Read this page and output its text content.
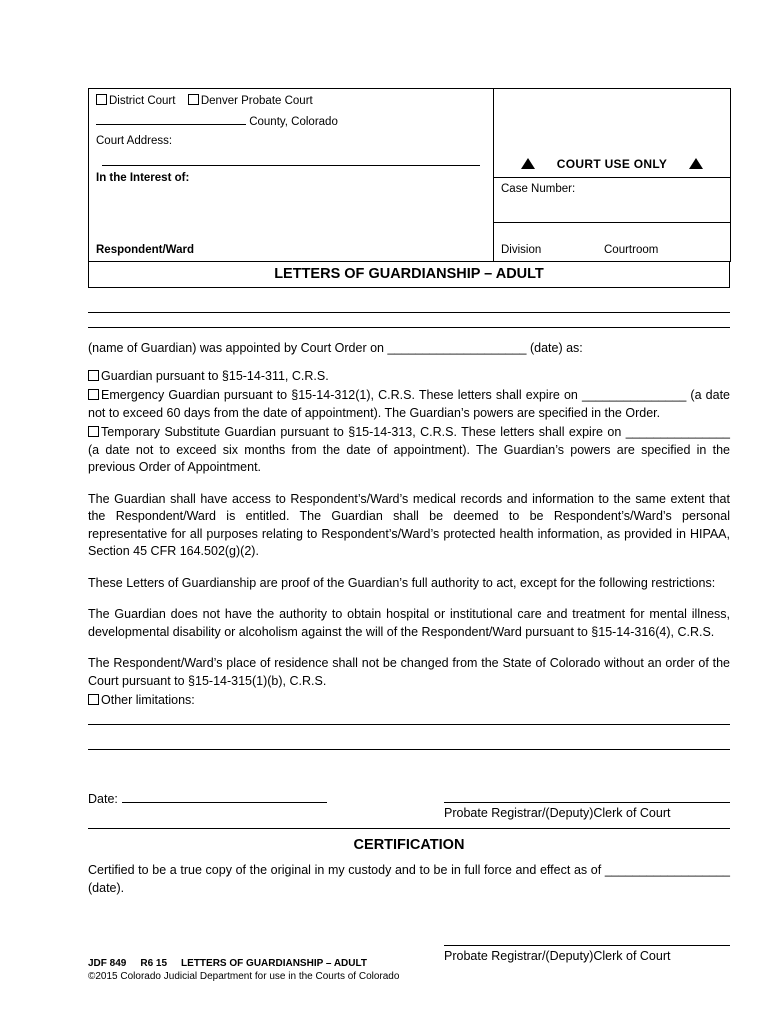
District Court Denver Probate Court
County, Colorado
Court Address:
In the Interest of:
Respondent/Ward

COURT USE ONLY
Case Number:
Division	Courtroom
LETTERS OF GUARDIANSHIP – ADULT

(name of Guardian) was appointed by Court Order on ____________________ (date) as:

Guardian pursuant to §15-14-311, C.R.S.

Emergency Guardian pursuant to §15-14-312(1), C.R.S. These letters shall expire on _______________ (a date not to exceed 60 days from the date of appointment). The Guardian’s powers are specified in the Order.

Temporary Substitute Guardian pursuant to §15-14-313, C.R.S. These letters shall expire on _______________ (a date not to exceed six months from the date of appointment). The Guardian’s powers are specified in the previous Order of Appointment.

The Guardian shall have access to Respondent’s/Ward’s medical records and information to the same extent that the Respondent/Ward is entitled. The Guardian shall be deemed to be Respondent’s/Ward’s personal representative for all purposes relating to Respondent’s/Ward’s protected health information, as provided in HIPAA, Section 45 CFR 164.502(g)(2).

These Letters of Guardianship are proof of the Guardian’s full authority to act, except for the following restrictions:

The Guardian does not have the authority to obtain hospital or institutional care and treatment for mental illness, developmental disability or alcoholism against the will of the Respondent/Ward pursuant to §15-14-316(4), C.R.S.

The Respondent/Ward’s place of residence shall not be changed from the State of Colorado without an order of the Court pursuant to §15-14-315(1)(b), C.R.S.

Other limitations:

Date:
Probate Registrar/(Deputy)Clerk of Court
CERTIFICATION
Certified to be a true copy of the original in my custody and to be in full force and effect as of __________________ (date).
Probate Registrar/(Deputy)Clerk of Court
JDF 849 R6 15 LETTERS OF GUARDIANSHIP – ADULT
©2015 Colorado Judicial Department for use in the Courts of Colorado
